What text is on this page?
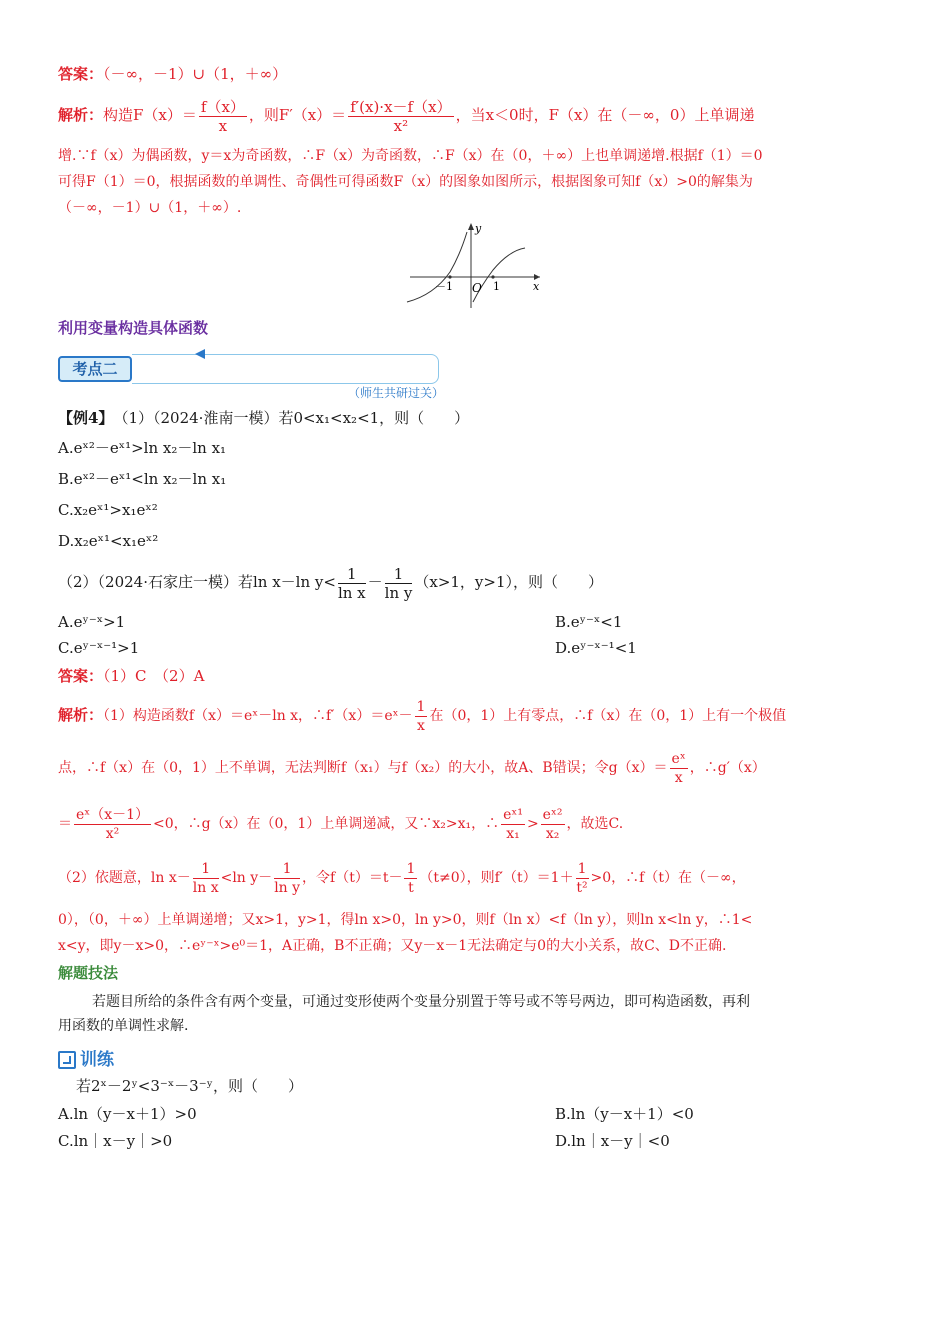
答案：（－∞，－1）∪（1，＋∞）
解析：构造$F(x)= \frac{f(x)}{x}$ ，则$F'(x)= \frac{f'(x)\cdot x-f(x)}{\text{x²}}$ ，当x＜0时，F（x）在（－∞，0）上单调递
增.∵f（x）为偶函数，y＝x为奇函数，∴F（x）为奇函数，∴F（x）在（0，＋∞）上也单调递增.根据f（1）＝0
可得F（1）＝0，根据函数的单调性、奇偶性可得函数F（x）的图象如图所示，根据图象可知f（x）>0的解集为
（－∞，－1）∪（1，＋∞）.
y
x
O
－1	1
利用变量构造具体函数
考点二
（师生共研过关）
【例4】　 （1）（2024·淮南一模）若0<x₁<x₂<1，则（　　）
A.eˣ²－eˣ¹>ln x₂－ln x₁
B.eˣ²－eˣ¹<ln x₂－ln x₁
C.x₂eˣ¹>x₁eˣ²
D.x₂eˣ¹<x₁eˣ²
（2）（2024·石家庄一模）若ln x－ln $y< \frac{1}{\text{ln x}} - \frac{1}{\text{ln y}} (x>1$，y>1），则（　　）
A.eʸ⁻ˣ>1	B.eʸ⁻ˣ<1
C.eʸ⁻ˣ⁻¹>1	D.eʸ⁻ˣ⁻¹<1
答案：（1）C　（2）A
解析：（1）构造函数f（x）＝eˣ－ln x，∴f′（x）＝eˣ－ $\frac{1}{x}$ 在（0，1）上有零点，∴f（x）在（0，1）上有一个极值
点，∴f（x）在（0，1）上不单调，无法判断f（x₁）与f（x₂）的大小，故A、B错误；令$g(x)= \frac{\text{eˣ}}{x}$ ，∴g′（x）
＝ $\frac{\text{eˣ（x－1）}}{\text{x²}} <0$，∴g（x）在（0，1）上单调递减，又∵x₂>x₁，∴ $\frac{\text{eˣ¹}}{\text{x₁}} > \frac{\text{eˣ²}}{\text{x₂}}$ ，故选C.
（2）依题意，$\ln x- \frac{1}{\text{ln x}} <\ln$ $y- \frac{1}{\text{ln y}}$ ，令$f(t)=t- \frac{1}{t} (t\ne 0)$，则$f'(t)=1+ \frac{1}{\text{t²}} >0$，∴f（t）在（－∞，
0），（0，＋∞）上单调递增；又x>1，y>1，得ln x>0，ln y>0，则f（ln x）<f（ln y），则ln x<ln y，∴1<
x<y，即y－x>0，∴eʸ⁻ˣ>e⁰＝1，A正确，B不正确；又y－x－1无法确定与0的大小关系，故C、D不正确.
解题技法
若题目所给的条件含有两个变量，可通过变形使两个变量分别置于等号或不等号两边，即可构造函数，再利
用函数的单调性求解.
训练
若2ˣ－2ʸ<3⁻ˣ－3⁻ʸ，则（　　）
A.ln（y－x＋1）>0	B.ln（y－x＋1）<0
C.ln｜x－y｜>0	D.ln｜x－y｜<0
